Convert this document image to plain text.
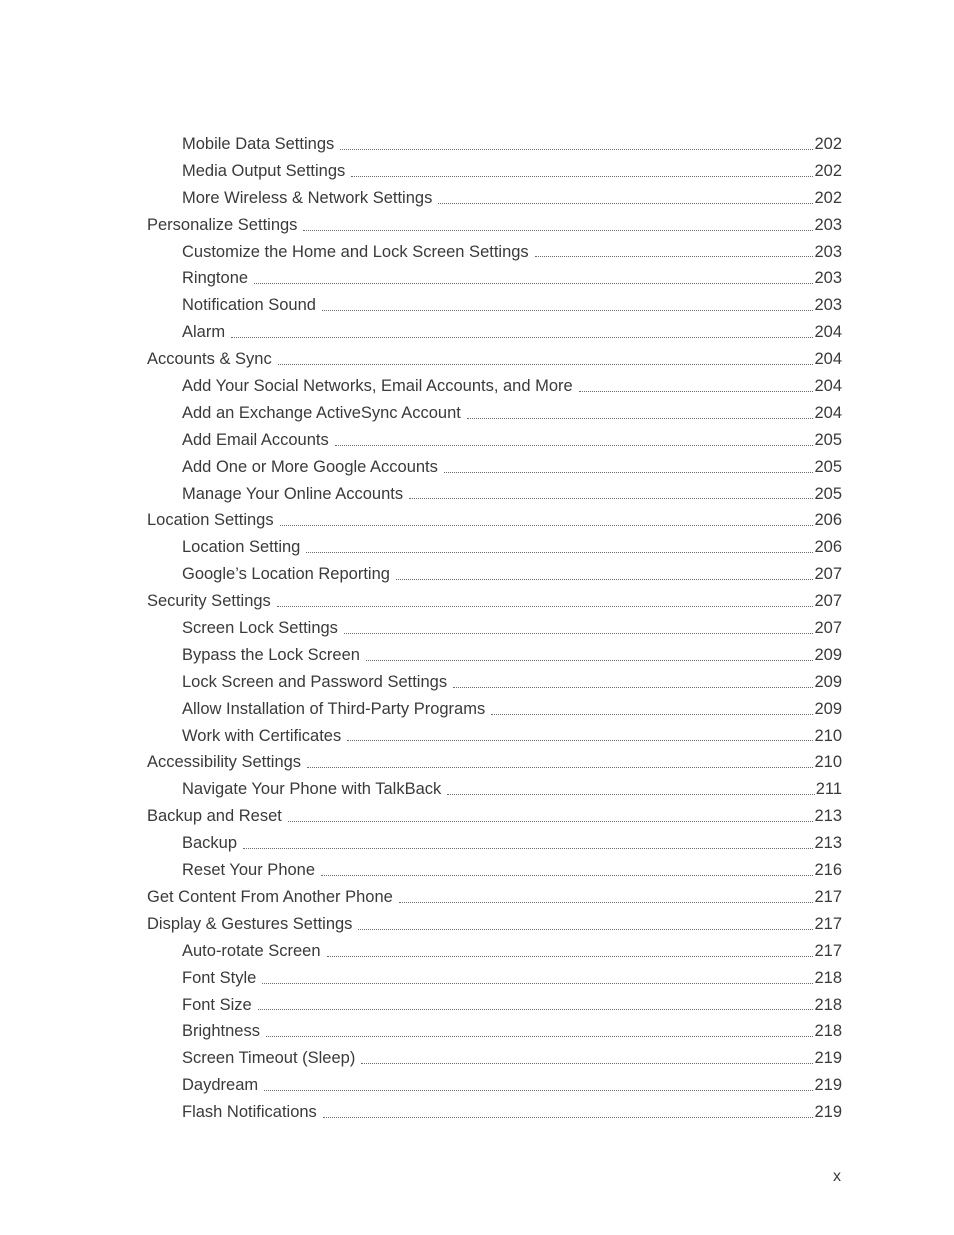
Mobile Data Settings	202
Media Output Settings	202
More Wireless & Network Settings	202
Personalize Settings	203
Customize the Home and Lock Screen Settings	203
Ringtone	203
Notification Sound	203
Alarm	204
Accounts & Sync	204
Add Your Social Networks, Email Accounts, and More	204
Add an Exchange ActiveSync Account	204
Add Email Accounts	205
Add One or More Google Accounts	205
Manage Your Online Accounts	205
Location Settings	206
Location Setting	206
Google’s Location Reporting	207
Security Settings	207
Screen Lock Settings	207
Bypass the Lock Screen	209
Lock Screen and Password Settings	209
Allow Installation of Third-Party Programs	209
Work with Certificates	210
Accessibility Settings	210
Navigate Your Phone with TalkBack	211
Backup and Reset	213
Backup	213
Reset Your Phone	216
Get Content From Another Phone	217
Display & Gestures Settings	217
Auto-rotate Screen	217
Font Style	218
Font Size	218
Brightness	218
Screen Timeout (Sleep)	219
Daydream	219
Flash Notifications	219
x
